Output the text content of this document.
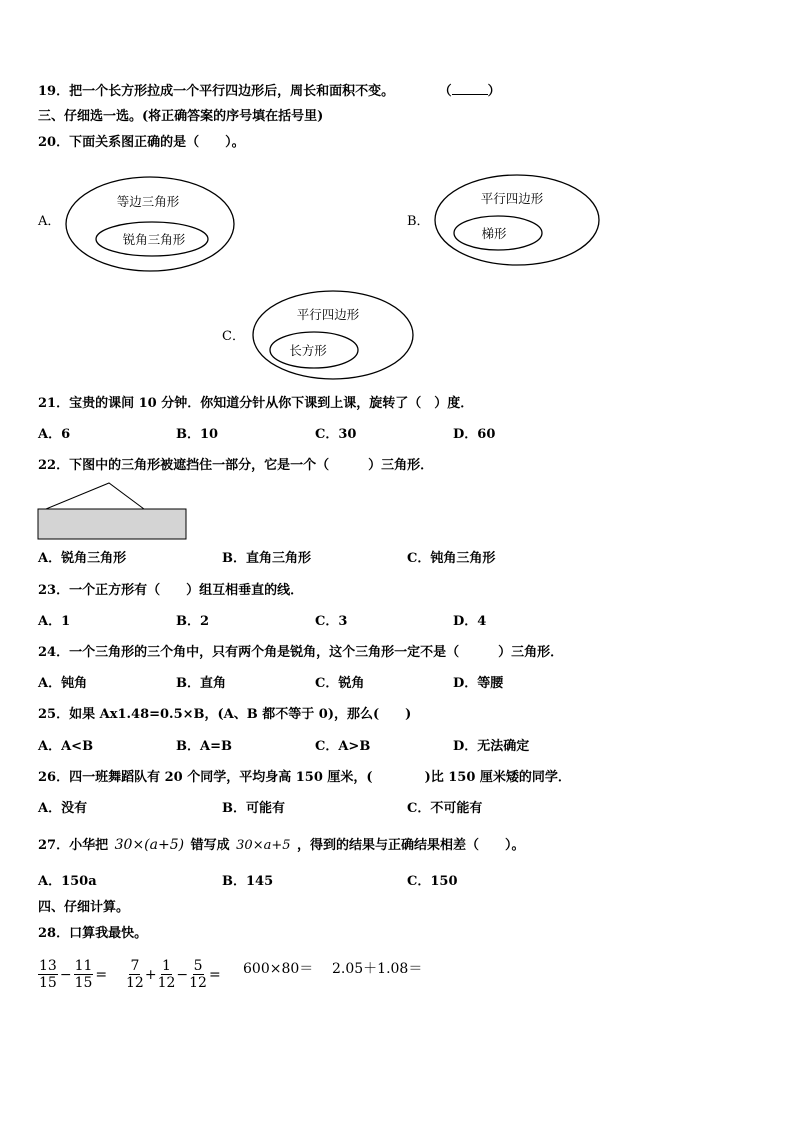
19．把一个长方形拉成一个平行四边形后，周长和面积不变。	（	）
三、仔细选一选。(将正确答案的序号填在括号里)
20．下面关系图正确的是（　　）。
A．
等边三角形
锐角三角形
B．
平行四边形
梯形
C．
平行四边形
长方形
21．宝贵的课间 10 分钟．你知道分针从你下课到上课，旋转了（　）度．
A．6	B．10	C．30	D．60
22．下图中的三角形被遮挡住一部分，它是一个（　　　）三角形．
A．锐角三角形	B．直角三角形	C．钝角三角形
23．一个正方形有（　　）组互相垂直的线．
A．1	B．2	C．3	D．4
24．一个三角形的三个角中，只有两个角是锐角，这个三角形一定不是（　　　）三角形．
A．钝角	B．直角	C．锐角	D．等腰
25．如果 Ax1.48=0.5×B，(A、B 都不等于 0)，那么(　　)
A．A<B	B．A=B	C．A>B	D．无法确定
26．四一班舞蹈队有 20 个同学，平均身高 150 厘米，(　　　　)比 150 厘米矮的同学．
A．没有	B．可能有	C．不可能有
27．小华把 30×(a+5) 错写成 30×a+5 ，得到的结果与正确结果相差（　　）。
A．150a	B．145	C．150
四、仔细计算。
28．口算我最快。
$\frac{13}{15} - \frac{11}{15} = \frac{7}{12} + \frac{1}{12} - \frac{5}{12} = 600\times 80= 2.05+1.08=$
